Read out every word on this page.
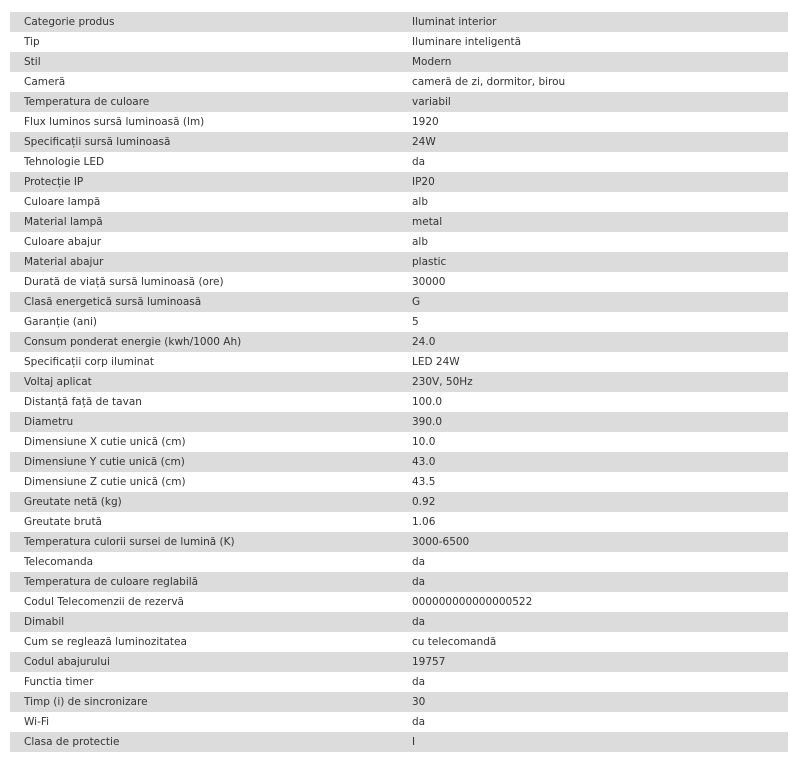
Categorie produs	Iluminat interior
Tip	Iluminare inteligentă
Stil	Modern
Cameră	cameră de zi, dormitor, birou
Temperatura de culoare	variabil
Flux luminos sursă luminoasă (lm)	1920
Specificații sursă luminoasă	24W
Tehnologie LED	da
Protecție IP	IP20
Culoare lampă	alb
Material lampă	metal
Culoare abajur	alb
Material abajur	plastic
Durată de viață sursă luminoasă (ore)	30000
Clasă energetică sursă luminoasă	G
Garanție (ani)	5
Consum ponderat energie (kwh/1000 Ah)	24.0
Specificații corp iluminat	LED 24W
Voltaj aplicat	230V, 50Hz
Distanță față de tavan	100.0
Diametru	390.0
Dimensiune X cutie unică (cm)	10.0
Dimensiune Y cutie unică (cm)	43.0
Dimensiune Z cutie unică (cm)	43.5
Greutate netă (kg)	0.92
Greutate brută	1.06
Temperatura culorii sursei de lumină (K)	3000-6500
Telecomanda	da
Temperatura de culoare reglabilă	da
Codul Telecomenzii de rezervă	000000000000000522
Dimabil	da
Cum se reglează luminozitatea	cu telecomandă
Codul abajurului	19757
Functia timer	da
Timp (i) de sincronizare	30
Wi-Fi	da
Clasa de protectie	I
